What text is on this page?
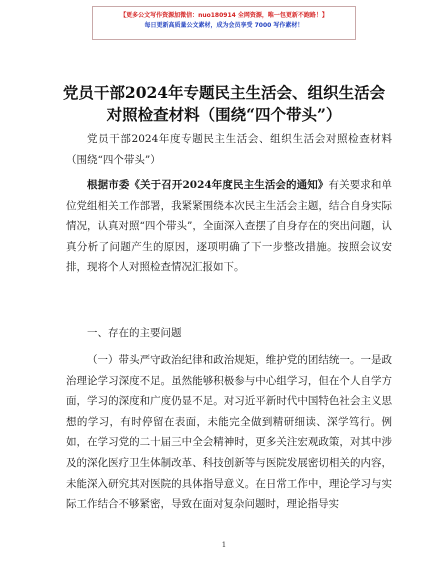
【更多公文写作资源加微信：nuo180914 全网资源，唯一包更新不跑路！】
每日更新高质量公文素材，成为会员享受 7000 写作素材！
党员干部2024年专题民主生活会、组织生活会对照检查材料（围绕“四个带头”）

党员干部2024年度专题民主生活会、组织生活会对照检查材料（围绕“四个带头”）

根据市委《关于召开2024年度民主生活会的通知》有关要求和单位党组相关工作部署，我紧紧围绕本次民主生活会主题，结合自身实际情况，认真对照“四个带头”，全面深入查摆了自身存在的突出问题，认真分析了问题产生的原因，逐项明确了下一步整改措施。按照会议安排，现将个人对照检查情况汇报如下。

一、存在的主要问题

（一）带头严守政治纪律和政治规矩，维护党的团结统一。一是政治理论学习深度不足。虽然能够积极参与中心组学习，但在个人自学方面，学习的深度和广度仍显不足。对习近平新时代中国特色社会主义思想的学习，有时停留在表面，未能完全做到精研细读、深学笃行。例如，在学习党的二十届三中全会精神时，更多关注宏观政策，对其中涉及的深化医疗卫生体制改革、科技创新等与医院发展密切相关的内容，未能深入研究其对医院的具体指导意义。在日常工作中，理论学习与实际工作结合不够紧密，导致在面对复杂问题时，理论指导实

1
